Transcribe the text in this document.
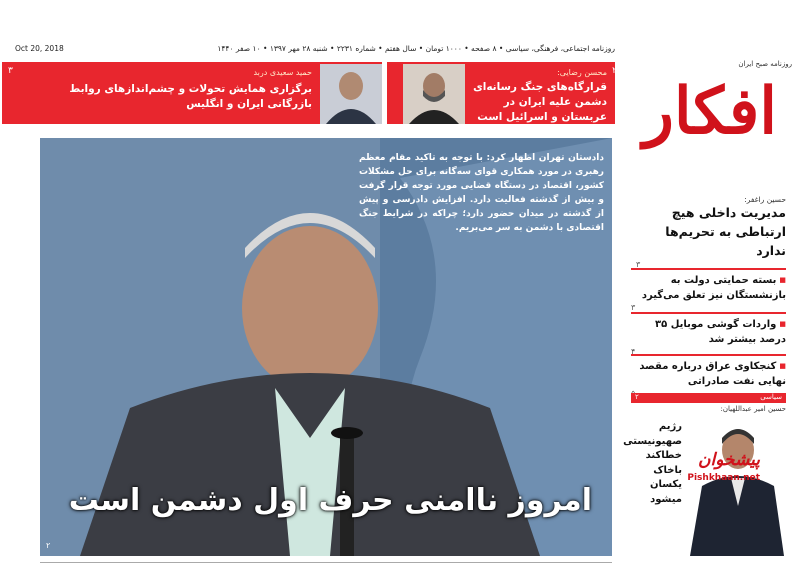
روزنامه اجتماعی، فرهنگی، سیاسی • ۸ صفحه • ۱۰۰۰ تومان • سال هفتم • شماره ۲۲۳۱ • شنبه ۲۸ مهر ۱۳۹۷ • ۱۰ صفر ۱۴۴۰
Oct 20, 2018
روزنامه صبح ایران
افکار
حمید سعیدی دربد
برگزاری همایش تحولات و چشم‌اندازهای روابط بازرگانی ایران و انگلیس
۳	محسن رضایی:
قرارگاه‌های جنگ رسانه‌ای دشمن علیه ایران در عربستان و اسرائیل است
۲
دادستان تهران اظهار کرد: با توجه به تاکید مقام معظم رهبری در مورد همکاری قوای سه‌گانه برای حل مشکلات کشور، اقتصاد در دستگاه قضایی مورد توجه قرار گرفت و بیش از گذشته فعالیت دارد. افزایش دادرسی و پیش از گذشته در میدان حضور دارد؛ چراکه در شرایط جنگ اقتصادی با دشمن به سر می‌بریم.
امروز ناامنی حرف اول دشمن است
۲
حسین راغفر:
مدیریت داخلی هیچ ارتباطی به تحریم‌ها ندارد
۳
■ بسته حمایتی دولت به بازنشستگان نیز تعلق می‌گیرد
۳
■ واردات گوشی موبایل ۳۵ درصد بیشتر شد
۴
■ کنجکاوی عراق درباره مقصد نهایی نفت صادراتی
سیاسی
۲
حسین امیر عبداللهیان:
رژیم صهیونیستی خطاکند باخاک یکسان میشود
پیشخوان
Pishkhaan.net
